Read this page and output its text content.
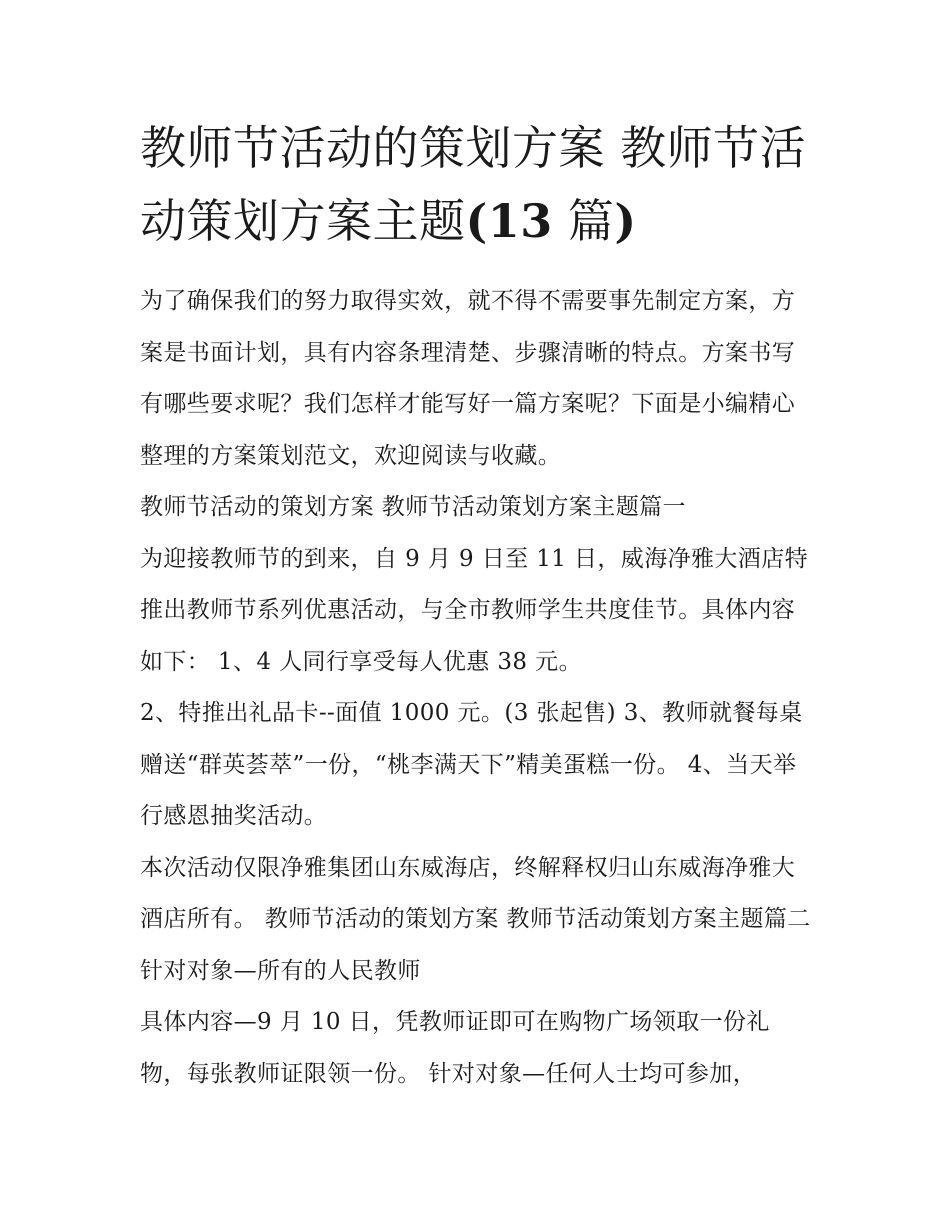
教师节活动的策划方案 教师节活动策划方案主题(13 篇)

为了确保我们的努力取得实效，就不得不需要事先制定方案，方案是书面计划，具有内容条理清楚、步骤清晰的特点。方案书写有哪些要求呢？我们怎样才能写好一篇方案呢？下面是小编精心整理的方案策划范文，欢迎阅读与收藏。

教师节活动的策划方案 教师节活动策划方案主题篇一

为迎接教师节的到来，自 9 月 9 日至 11 日，威海净雅大酒店特推出教师节系列优惠活动，与全市教师学生共度佳节。具体内容如下： 1、4 人同行享受每人优惠 38 元。

2、特推出礼品卡--面值 1000 元。(3 张起售) 3、教师就餐每桌赠送“群英荟萃”一份，“桃李满天下”精美蛋糕一份。 4、当天举行感恩抽奖活动。

本次活动仅限净雅集团山东威海店，终解释权归山东威海净雅大酒店所有。 教师节活动的策划方案 教师节活动策划方案主题篇二 针对对象—所有的人民教师

具体内容—9 月 10 日，凭教师证即可在购物广场领取一份礼物，每张教师证限领一份。 针对对象—任何人士均可参加，
